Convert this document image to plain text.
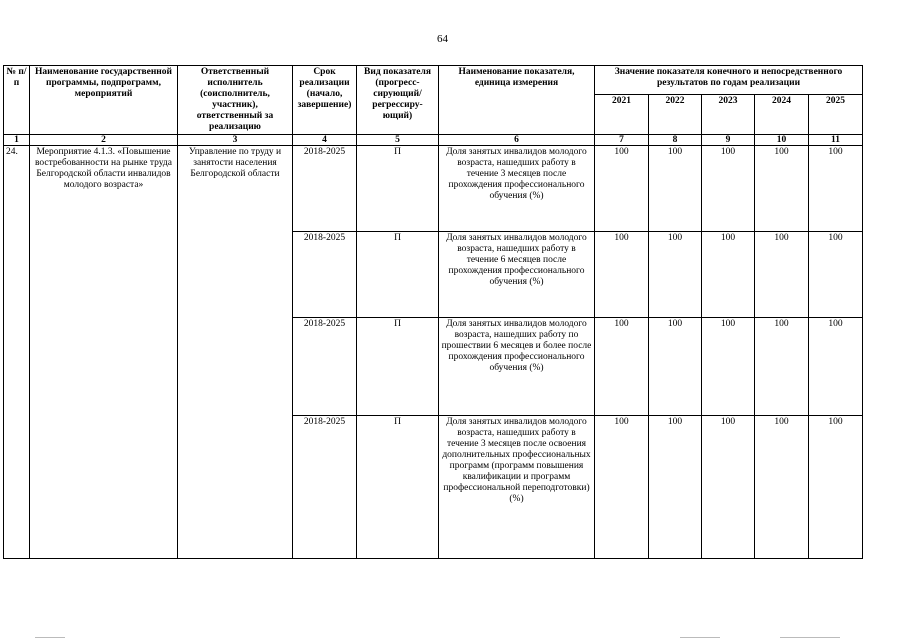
64
№ п/п	Наименование государственной программы, подпрограмм, мероприятий	Ответственный исполнитель (соисполнитель, участник), ответственный за реализацию	Срок реализации (начало, завершение)	Вид показателя (прогресс-сирующий/ регрессиру-ющий)	Наименование показателя, единица измерения	Значение показателя конечного и непосредственного результатов по годам реализации				
						2021	2022	2023	2024	2025
1	2	3	4	5	6	7	8	9	10	11
24.	Мероприятие 4.1.3. «Повышение востребованности на рынке труда Белгородской области инвалидов молодого возраста»	Управление по труду и занятости населения Белгородской области	2018-2025	П	Доля занятых инвалидов молодого возраста, нашедших работу в течение 3 месяцев после прохождения профессионального обучения (%)	100	100	100	100	100
			2018-2025	П	Доля занятых инвалидов молодого возраста, нашедших работу в течение 6 месяцев после прохождения профессионального обучения (%)	100	100	100	100	100
			2018-2025	П	Доля занятых инвалидов молодого возраста, нашедших работу по прошествии 6 месяцев и более после прохождения профессионального обучения (%)	100	100	100	100	100
			2018-2025	П	Доля занятых инвалидов молодого возраста, нашедших работу в течение 3 месяцев после освоения дополнительных профессиональных программ (программ повышения квалификации и программ профессиональной переподготовки) (%)	100	100	100	100	100
